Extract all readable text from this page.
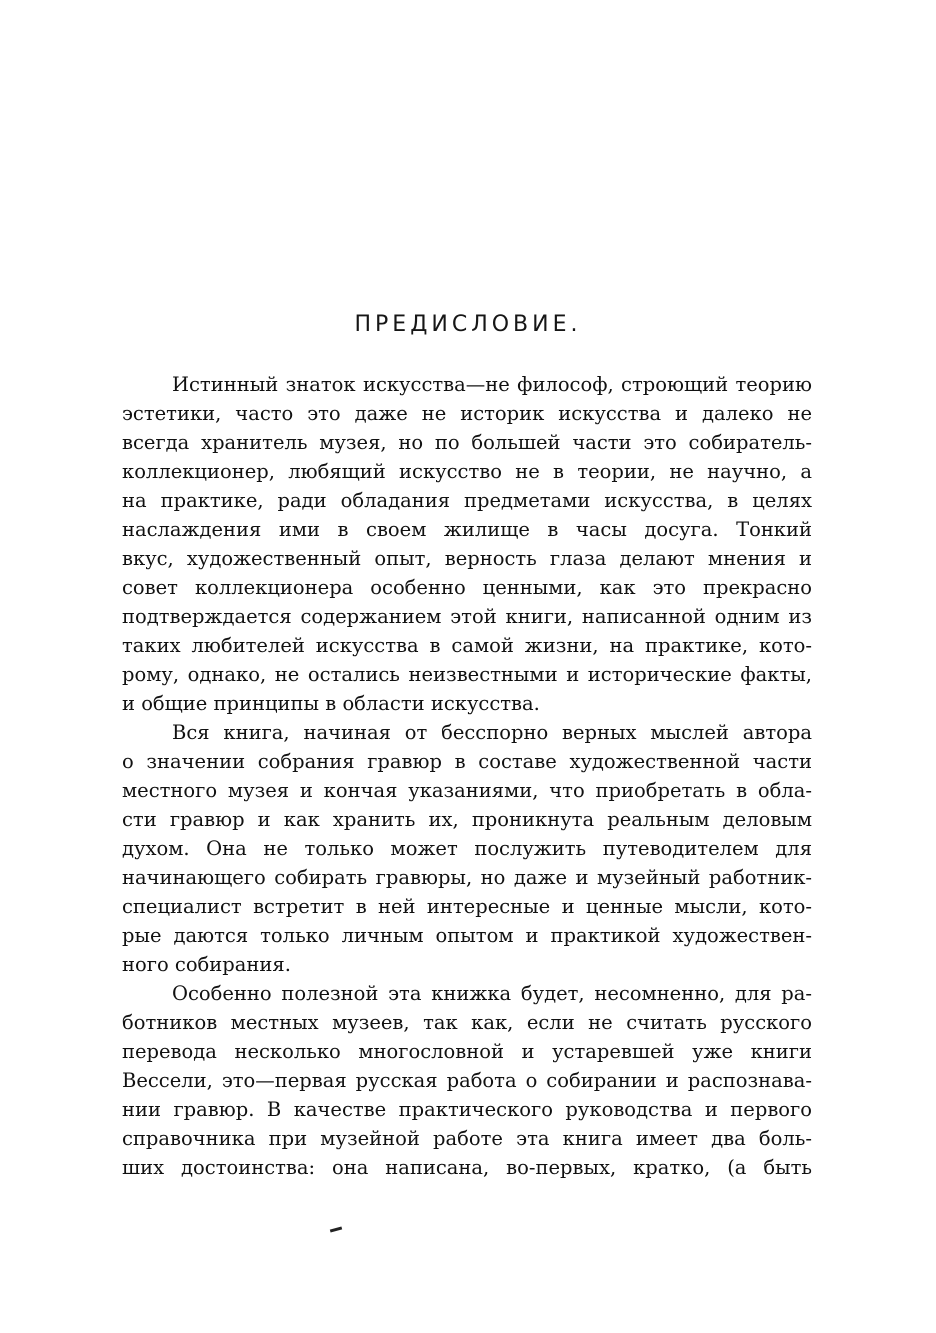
ПРЕДИСЛОВИЕ.
Истинный знаток искусства—не философ, строющий теорию
эстетики, часто это даже не историк искусства и далеко не
всегда хранитель музея, но по большей части это собиратель-
коллекционер, любящий искусство не в теории, не научно, а
на практике, ради обладания предметами искусства, в целях
наслаждения ими в своем жилище в часы досуга. Тонкий
вкус, художественный опыт, верность глаза делают мнения и
совет коллекционера особенно ценными, как это прекрасно
подтверждается содержанием этой книги, написанной одним из
таких любителей искусства в самой жизни, на практике, кото-
рому, однако, не остались неизвестными и исторические факты,
и общие принципы в области искусства.
Вся книга, начиная от бесспорно верных мыслей автора
о значении собрания гравюр в составе художественной части
местного музея и кончая указаниями, что приобретать в обла-
сти гравюр и как хранить их, проникнута реальным деловым
духом. Она не только может послужить путеводителем для
начинающего собирать гравюры, но даже и музейный работник-
специалист встретит в ней интересные и ценные мысли, кото-
рые даются только личным опытом и практикой художествен-
ного собирания.
Особенно полезной эта книжка будет, несомненно, для ра-
ботников местных музеев, так как, если не считать русского
перевода несколько многословной и устаревшей уже книги
Вессели, это—первая русская работа о собирании и распознава-
нии гравюр. В качестве практического руководства и первого
справочника при музейной работе эта книга имеет два боль-
ших достоинства: она написана, во-первых, кратко, (а быть
